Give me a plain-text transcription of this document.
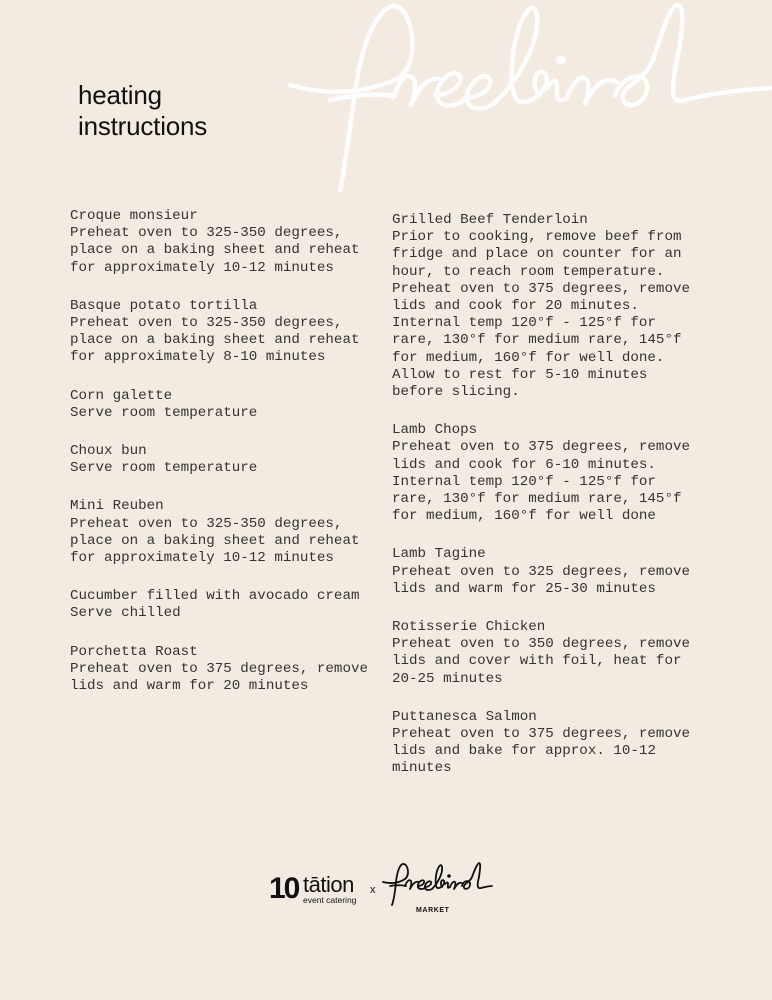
heating
instructions
Croque monsieur
Preheat oven to 325-350 degrees, place on a baking sheet and reheat for approximately 10-12 minutes
Basque potato tortilla
Preheat oven to 325-350 degrees, place on a baking sheet and reheat for approximately 8-10 minutes
Corn galette
Serve room temperature
Choux bun
Serve room temperature
Mini Reuben
Preheat oven to 325-350 degrees, place on a baking sheet and reheat for approximately 10-12 minutes
Cucumber filled with avocado cream
Serve chilled
Porchetta Roast
Preheat oven to 375 degrees, remove lids and warm for 20 minutes
Grilled Beef Tenderloin
Prior to cooking, remove beef from fridge and place on counter for an hour, to reach room temperature. Preheat oven to 375 degrees, remove lids and cook for 20 minutes. Internal temp 120°f - 125°f for rare, 130°f for medium rare, 145°f for medium, 160°f for well done. Allow to rest for 5-10 minutes before slicing.
Lamb Chops
Preheat oven to 375 degrees, remove lids and cook for 6-10 minutes. Internal temp 120°f - 125°f for rare, 130°f for medium rare, 145°f for medium, 160°f for well done
Lamb Tagine
Preheat oven to 325 degrees, remove lids and warm for 25-30 minutes
Rotisserie Chicken
Preheat oven to 350 degrees, remove lids and cover with foil, heat for 20-25 minutes
Puttanesca Salmon
Preheat oven to 375 degrees, remove lids and bake for approx. 10-12 minutes
10 tātion
event catering
x
MARKET
